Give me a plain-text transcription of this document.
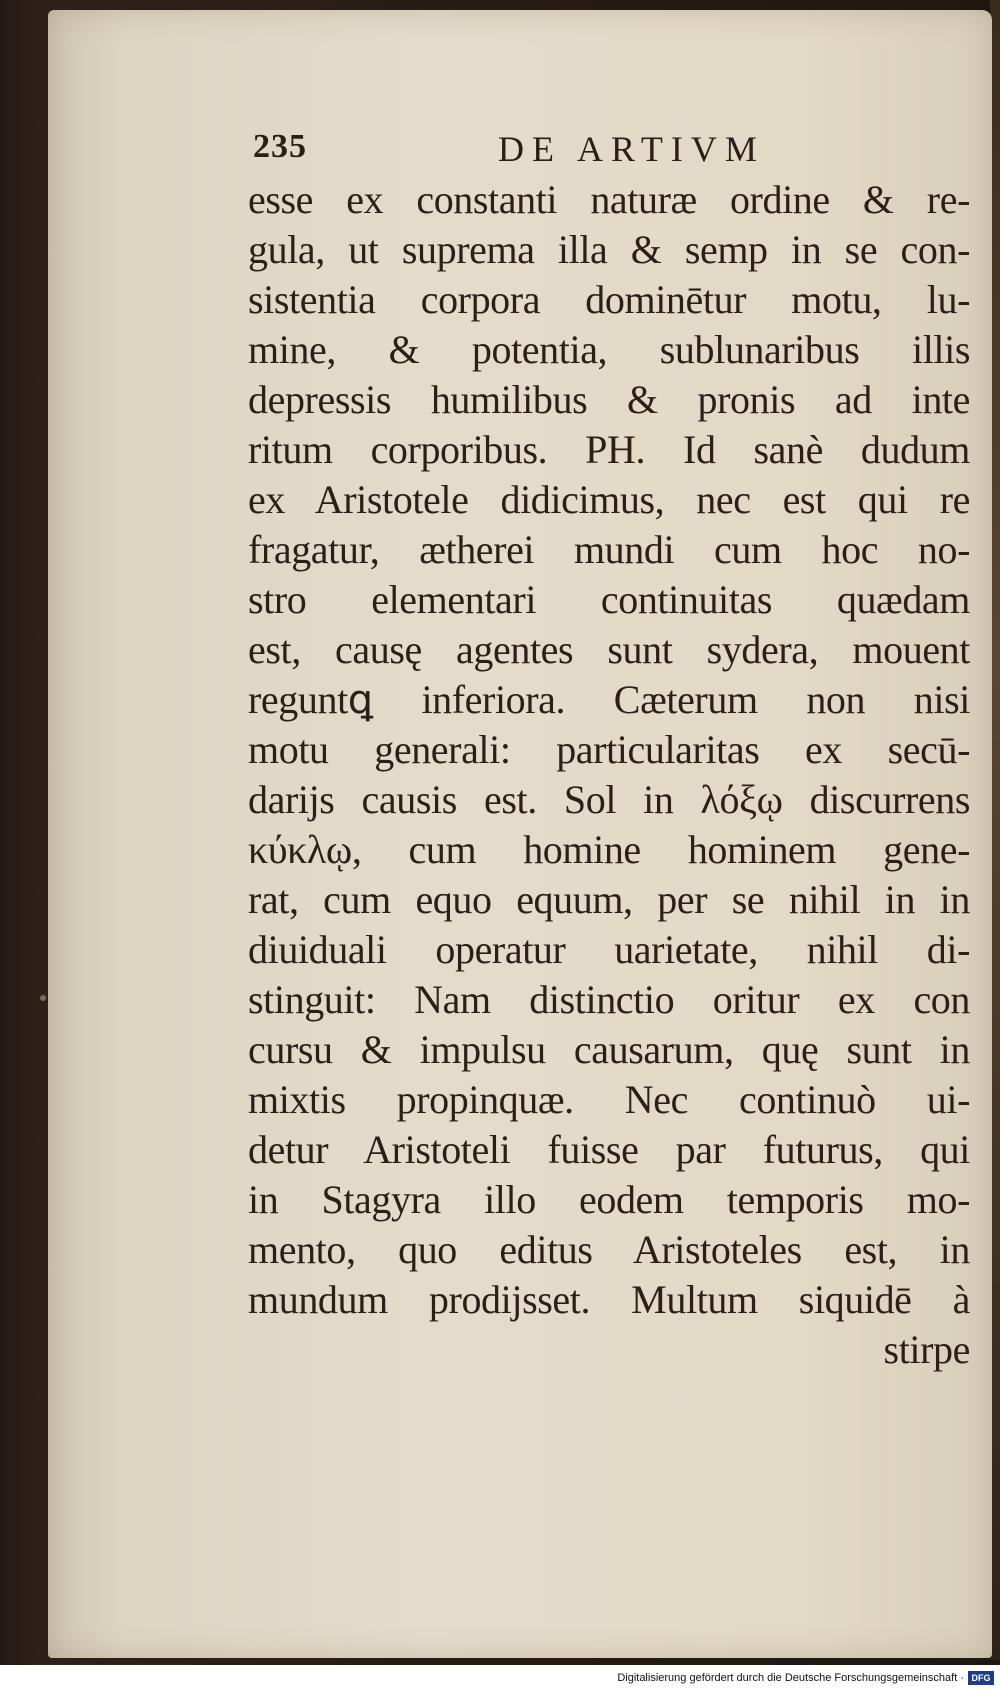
235	DE ARTIVM
esse ex constanti naturæ ordine & re-
gula, ut suprema illa & semp in se con-
sistentia corpora dominētur motu, lu-
mine, & potentia, sublunaribus illis
depressis humilibus & pronis ad inte
ritum corporibus. PH. Id sanè dudum
ex Aristotele didicimus, nec est qui re
fragatur, ætherei mundi cum hoc no-
stro elementari continuitas quædam
est, causę agentes sunt sydera, mouent
reguntꝗ inferiora. Cæterum non nisi
motu generali: particularitas ex secū-
darijs causis est. Sol in λόξῳ discurrens
κύκλῳ, cum homine hominem gene-
rat, cum equo equum, per se nihil in in
diuiduali operatur uarietate, nihil di-
stinguit: Nam distinctio oritur ex con
cursu & impulsu causarum, quę sunt in
mixtis propinquæ. Nec continuò ui-
detur Aristoteli fuisse par futurus, qui
in Stagyra illo eodem temporis mo-
mento, quo editus Aristoteles est, in
mundum prodijsset. Multum siquidē à
stirpe
Digitalisierung gefördert durch die Deutsche Forschungsgemeinschaft · DFG
